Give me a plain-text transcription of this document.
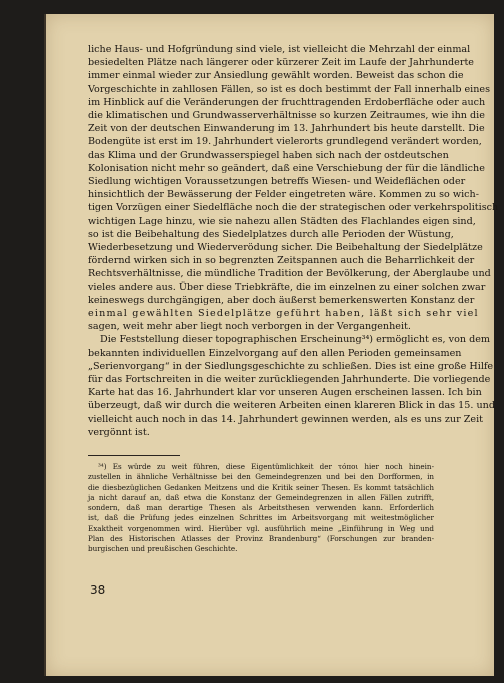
liche Haus- und Hofgründung sind viele, ist vielleicht die Mehrzahl der einmal
besiedelten Plätze nach längerer oder kürzerer Zeit im Laufe der Jahrhunderte
immer einmal wieder zur Ansiedlung gewählt worden. Beweist das schon die
Vorgeschichte in zahllosen Fällen, so ist es doch bestimmt der Fall innerhalb eines
im Hinblick auf die Veränderungen der fruchttragenden Erdoberfläche oder auch
die klimatischen und Grundwasserverhältnisse so kurzen Zeitraumes, wie ihn die
Zeit von der deutschen Einwanderung im 13. Jahrhundert bis heute darstellt. Die
Bodengüte ist erst im 19. Jahrhundert vielerorts grundlegend verändert worden,
das Klima und der Grundwasserspiegel haben sich nach der ostdeutschen
Kolonisation nicht mehr so geändert, daß eine Verschiebung der für die ländliche
Siedlung wichtigen Voraussetzungen betreffs Wiesen- und Weideflächen oder
hinsichtlich der Bewässerung der Felder eingetreten wäre. Kommen zu so wich-
tigen Vorzügen einer Siedelfläche noch die der strategischen oder verkehrspolitisch
wichtigen Lage hinzu, wie sie nahezu allen Städten des Flachlandes eigen sind,
so ist die Beibehaltung des Siedelplatzes durch alle Perioden der Wüstung,
Wiederbesetzung und Wiederverödung sicher. Die Beibehaltung der Siedelplätze
fördernd wirken sich in so begrenzten Zeitspannen auch die Beharrlichkeit der
Rechtsverhältnisse, die mündliche Tradition der Bevölkerung, der Aberglaube und
vieles andere aus. Über diese Triebkräfte, die im einzelnen zu einer solchen zwar
keineswegs durchgängigen, aber doch äußerst bemerkenswerten Konstanz der
einmal gewählten Siedelplätze geführt haben, läßt sich sehr viel
sagen, weit mehr aber liegt noch verborgen in der Vergangenheit.
Die Feststellung dieser topographischen Erscheinung³⁴) ermöglicht es, von dem
bekannten individuellen Einzelvorgang auf den allen Perioden gemeinsamen
„Serienvorgang“ in der Siedlungsgeschichte zu schließen. Dies ist eine große Hilfe
für das Fortschreiten in die weiter zurückliegenden Jahrhunderte. Die vorliegende
Karte hat das 16. Jahrhundert klar vor unseren Augen erscheinen lassen. Ich bin
überzeugt, daß wir durch die weiteren Arbeiten einen klareren Blick in das 15. und
vielleicht auch noch in das 14. Jahrhundert gewinnen werden, als es uns zur Zeit
vergönnt ist.
³⁴) Es würde zu weit führen, diese Eigentümlichkeit der τόποι hier noch hinein-
zustellen in ähnliche Verhältnisse bei den Gemeindegrenzen und bei den Dorfformen, in
die diesbezüglichen Gedanken Meitzens und die Kritik seiner Thesen. Es kommt tatsächlich
ja nicht darauf an, daß etwa die Konstanz der Gemeindegrenzen in allen Fällen zutrifft,
sondern, daß man derartige Thesen als Arbeitsthesen verwenden kann. Erforderlich
ist, daß die Prüfung jedes einzelnen Schrittes im Arbeitsvorgang mit weitestmöglicher
Exaktheit vorgenommen wird. Hierüber vgl. ausführlich meine „Einführung in Weg und
Plan des Historischen Atlasses der Provinz Brandenburg“ (Forschungen zur branden-
burgischen und preußischen Geschichte.
38
